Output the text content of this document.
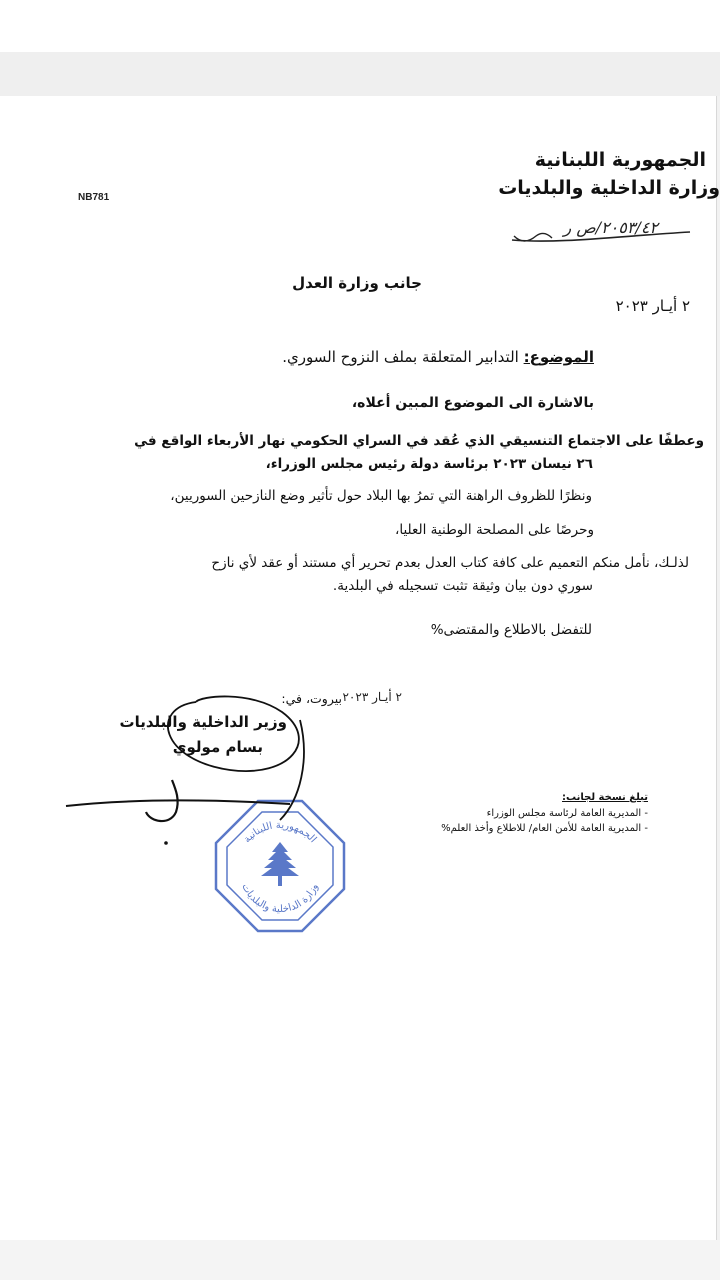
الجمهورية اللبنانية
وزارة الداخلية والبلديات
NB781
٢٠٥٣/٤٢/ص ر
جانب وزارة العدل
٢ أيـار ٢٠٢٣
الموضوع: التدابير المتعلقة بملف النزوح السوري.
بالاشارة الى الموضوع المبين أعلاه،
وعطفًا على الاجتماع التنسيقي الذي عُقد في السراي الحكومي نهار الأربعاء الواقع في
٢٦ نيسان ٢٠٢٣ برئاسة دولة رئيس مجلس الوزراء،
ونظرًا للظروف الراهنة التي تمرُ بها البلاد حول تأثير وضع النازحين السوريين،
وحرصًا على المصلحة الوطنية العليا،
لذلـك، نأمل منكم التعميم على كافة كتاب العدل بعدم تحرير أي مستند أو عقد لأي نازح
سوري دون بيان وثيقة تثبت تسجيله في البلدية.
للتفضل بالاطلاع والمقتضى%
بيروت، في: ٢ أيـار ٢٠٢٣
وزير الداخلية والبلديات
بسام مولوي
تبلغ نسخة لجانب:
- المديرية العامة لرئاسة مجلس الوزراء
- المديرية العامة للأمن العام/ للاطلاع وأخذ العلم%
الجمهورية اللبنانية
وزارة الداخلية والبلديات
